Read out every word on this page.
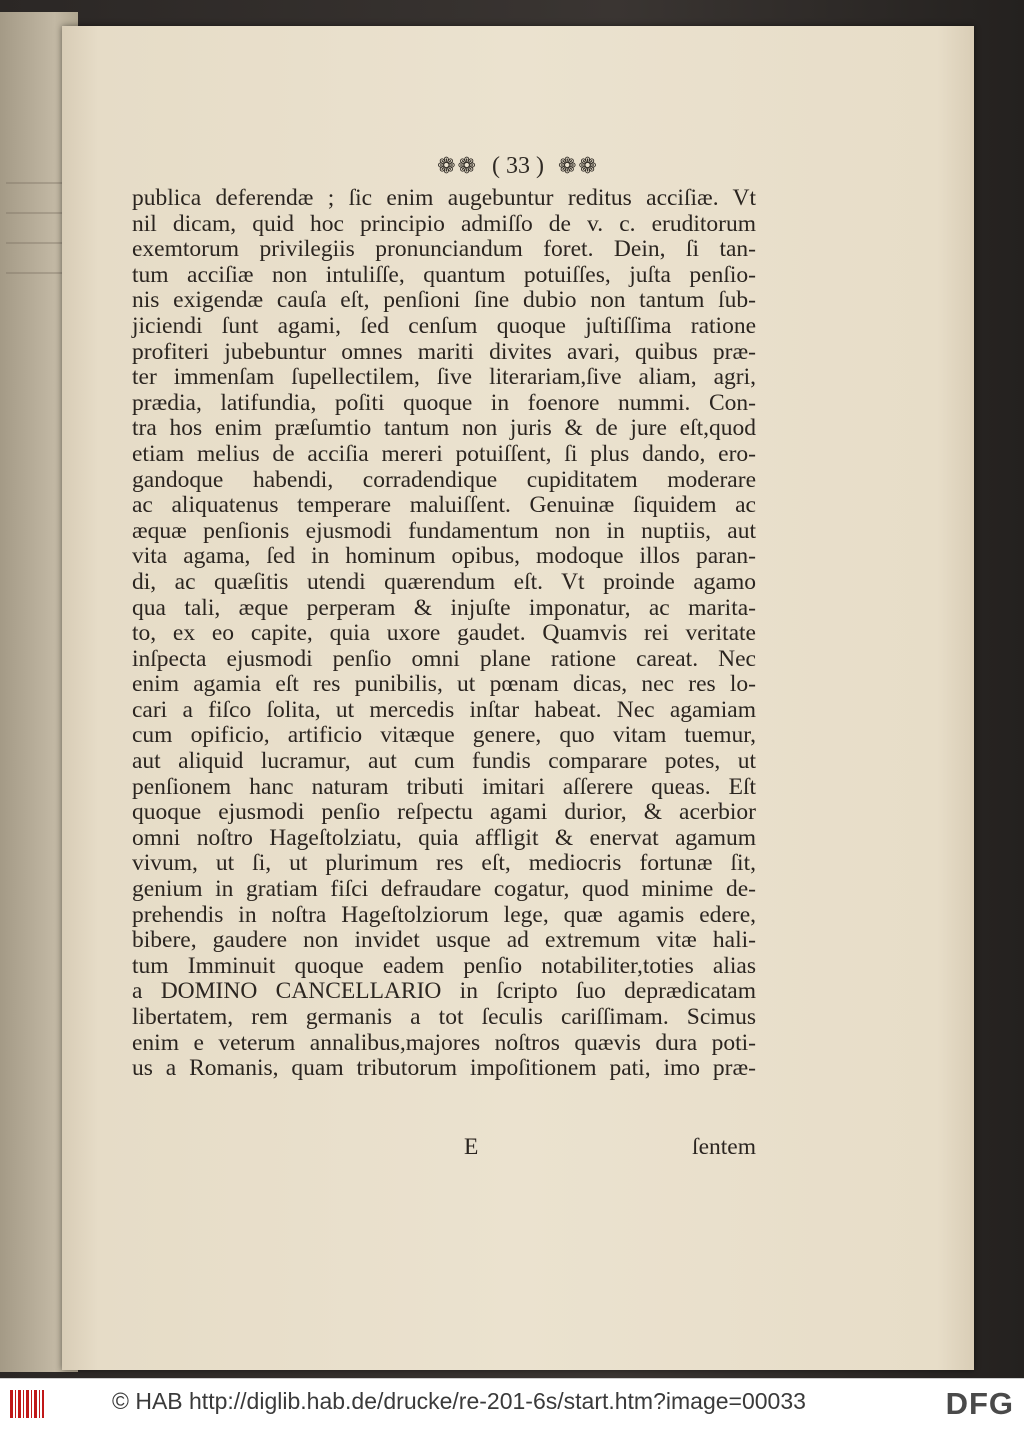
❁❁ ( 33 ) ❁❁
publica deferendæ ; ſic enim augebuntur reditus acciſiæ. Vt
nil dicam, quid hoc principio admiſſo de v. c. eruditorum
exemtorum privilegiis pronunciandum foret. Dein, ſi tan-
tum acciſiæ non intuliſſe, quantum potuiſſes, juſta penſio-
nis exigendæ cauſa eſt, penſioni ſine dubio non tantum ſub-
jiciendi ſunt agami, ſed cenſum quoque juſtiſſima ratione
profiteri jubebuntur omnes mariti divites avari, quibus præ-
ter immenſam ſupellectilem, ſive literariam,ſive aliam, agri,
prædia, latifundia, poſiti quoque in foenore nummi. Con-
tra hos enim præſumtio tantum non juris & de jure eſt,quod
etiam melius de acciſia mereri potuiſſent, ſi plus dando, ero-
gandoque habendi, corradendique cupiditatem moderare
ac aliquatenus temperare maluiſſent. Genuinæ ſiquidem ac
æquæ penſionis ejusmodi fundamentum non in nuptiis, aut
vita agama, ſed in hominum opibus, modoque illos paran-
di, ac quæſitis utendi quærendum eſt. Vt proinde agamo
qua tali, æque perperam & injuſte imponatur, ac marita-
to, ex eo capite, quia uxore gaudet. Quamvis rei veritate
inſpecta ejusmodi penſio omni plane ratione careat. Nec
enim agamia eſt res punibilis, ut pœnam dicas, nec res lo-
cari a fiſco ſolita, ut mercedis inſtar habeat. Nec agamiam
cum opificio, artificio vitæque genere, quo vitam tuemur,
aut aliquid lucramur, aut cum fundis comparare potes, ut
penſionem hanc naturam tributi imitari aſſerere queas. Eſt
quoque ejusmodi penſio reſpectu agami durior, & acerbior
omni noſtro Hageſtolziatu, quia affligit & enervat agamum
vivum, ut ſi, ut plurimum res eſt, mediocris fortunæ ſit,
genium in gratiam fiſci defraudare cogatur, quod minime de-
prehendis in noſtra Hageſtolziorum lege, quæ agamis edere,
bibere, gaudere non invidet usque ad extremum vitæ hali-
tum Imminuit quoque eadem penſio notabiliter,toties alias
a DOMINO CANCELLARIO in ſcripto ſuo deprædicatam
libertatem, rem germanis a tot ſeculis cariſſimam. Scimus
enim e veterum annalibus,majores noſtros quævis dura poti-
us a Romanis, quam tributorum impoſitionem pati, imo præ-
E	ſentem
© HAB http://diglib.hab.de/drucke/re-201-6s/start.htm?image=00033	DFG
